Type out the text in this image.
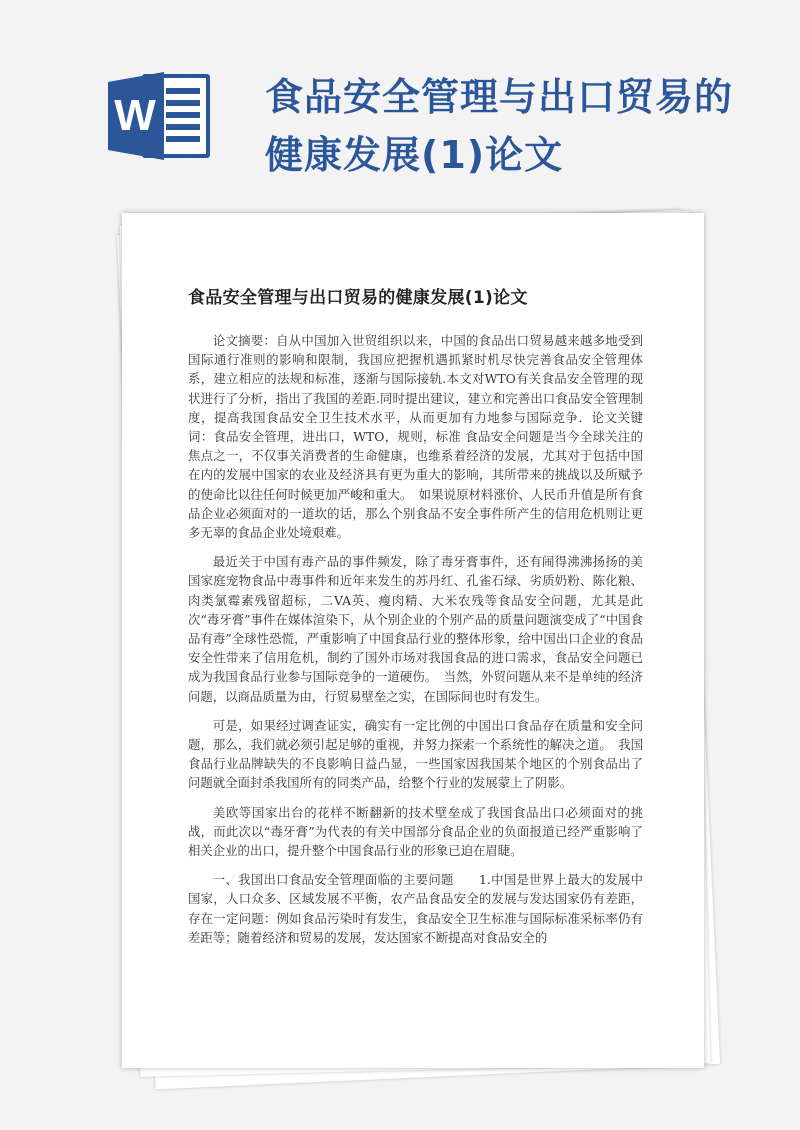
W	食品安全管理与出口贸易的健康发展(1)论文
食品安全管理与出口贸易的健康发展(1)论文

论文摘要：自从中国加入世贸组织以来，中国的食品出口贸易越来越多地受到国际通行准则的影响和限制，我国应把握机遇抓紧时机尽快完善食品安全管理体系，建立相应的法规和标准，逐渐与国际接轨.本文对WTO有关食品安全管理的现状进行了分析，指出了我国的差距.同时提出建议，建立和完善出口食品安全管理制度，提高我国食品安全卫生技术水平，从而更加有力地参与国际竞争．论文关键词：食品安全管理，进出口，WTO，规则，标准 食品安全问题是当今全球关注的焦点之一，不仅事关消费者的生命健康，也维系着经济的发展，尤其对于包括中国在内的发展中国家的农业及经济具有更为重大的影响，其所带来的挑战以及所赋予的使命比以往任何时候更加严峻和重大。　如果说原材料涨价、人民币升值是所有食品企业必须面对的一道坎的话，那么个别食品不安全事件所产生的信用危机则让更多无辜的食品企业处境艰难。

最近关于中国有毒产品的事件频发，除了毒牙膏事件，还有闹得沸沸扬扬的美国家庭宠物食品中毒事件和近年来发生的苏丹红、孔雀石绿、劣质奶粉、陈化粮、肉类氯霉素残留超标，二VA英、瘦肉精、大米农残等食品安全问题，尤其是此次“毒牙膏”事件在媒体渲染下，从个别企业的个别产品的质量问题演变成了“中国食品有毒”全球性恐慌，严重影响了中国食品行业的整体形象，给中国出口企业的食品安全性带来了信用危机，制约了国外市场对我国食品的进口需求，食品安全问题已成为我国食品行业参与国际竞争的一道硬伤。　当然，外贸问题从来不是单纯的经济问题，以商品质量为由，行贸易壁垒之实，在国际间也时有发生。

可是，如果经过调查证实，确实有一定比例的中国出口食品存在质量和安全问题，那么，我们就必须引起足够的重视，并努力探索一个系统性的解决之道。　我国食品行业品牌缺失的不良影响日益凸显，一些国家因我国某个地区的个别食品出了问题就全面封杀我国所有的同类产品，给整个行业的发展蒙上了阴影。

美欧等国家出台的花样不断翻新的技术壁垒成了我国食品出口必须面对的挑战，而此次以“毒牙膏”为代表的有关中国部分食品企业的负面报道已经严重影响了相关企业的出口，提升整个中国食品行业的形象已迫在眉睫。

一、我国出口食品安全管理面临的主要问题　　1.中国是世界上最大的发展中国家，人口众多、区域发展不平衡，农产品食品安全的发展与发达国家仍有差距，存在一定问题：例如食品污染时有发生，食品安全卫生标准与国际标准采标率仍有差距等；随着经济和贸易的发展，发达国家不断提高对食品安全的
